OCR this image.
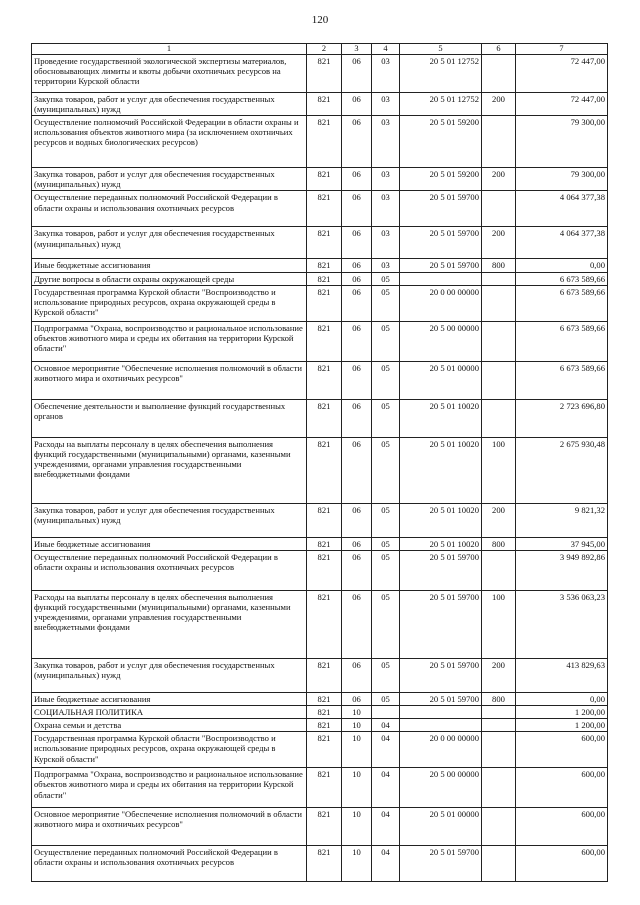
120
1	2	3	4	5	6	7
Проведение государственной экологической экспертизы материалов, обосновывающих лимиты и квоты добычи охотничьих ресурсов на территории Курской области	821	06	03	20 5 01 12752		72 447,00
Закупка товаров, работ и услуг для обеспечения государственных (муниципальных) нужд	821	06	03	20 5 01 12752	200	72 447,00
Осуществление полномочий Российской Федерации в области охраны и использования объектов животного мира (за исключением охотничьих ресурсов и водных биологических ресурсов)	821	06	03	20 5 01 59200		79 300,00
Закупка товаров, работ и услуг для обеспечения государственных (муниципальных) нужд	821	06	03	20 5 01 59200	200	79 300,00
Осуществление переданных полномочий Российской Федерации в области охраны и использования охотничьих ресурсов	821	06	03	20 5 01 59700		4 064 377,38
Закупка товаров, работ и услуг для обеспечения государственных (муниципальных) нужд	821	06	03	20 5 01 59700	200	4 064 377,38
Иные бюджетные ассигнования	821	06	03	20 5 01 59700	800	0,00
Другие вопросы в области охраны окружающей среды	821	06	05			6 673 589,66
Государственная программа Курской области "Воспроизводство и использование природных ресурсов, охрана окружающей среды в Курской области"	821	06	05	20 0 00 00000		6 673 589,66
Подпрограмма "Охрана, воспроизводство и рациональное использование объектов животного мира и среды их обитания на территории Курской области"	821	06	05	20 5 00 00000		6 673 589,66
Основное мероприятие "Обеспечение исполнения полномочий в области животного мира и охотничьих ресурсов"	821	06	05	20 5 01 00000		6 673 589,66
Обеспечение деятельности и выполнение функций государственных органов	821	06	05	20 5 01 10020		2 723 696,80
Расходы на выплаты персоналу в целях обеспечения выполнения функций государственными (муниципальными) органами, казенными учреждениями, органами управления государственными внебюджетными фондами	821	06	05	20 5 01 10020	100	2 675 930,48
Закупка товаров, работ и услуг для обеспечения государственных (муниципальных) нужд	821	06	05	20 5 01 10020	200	9 821,32
Иные бюджетные ассигнования	821	06	05	20 5 01 10020	800	37 945,00
Осуществление переданных полномочий Российской Федерации в области охраны и использования охотничьих ресурсов	821	06	05	20 5 01 59700		3 949 892,86
Расходы на выплаты персоналу в целях обеспечения выполнения функций государственными (муниципальными) органами, казенными учреждениями, органами управления государственными внебюджетными фондами	821	06	05	20 5 01 59700	100	3 536 063,23
Закупка товаров, работ и услуг для обеспечения государственных (муниципальных) нужд	821	06	05	20 5 01 59700	200	413 829,63
Иные бюджетные ассигнования	821	06	05	20 5 01 59700	800	0,00
СОЦИАЛЬНАЯ ПОЛИТИКА	821	10				1 200,00
Охрана семьи и детства	821	10	04			1 200,00
Государственная программа Курской области "Воспроизводство и использование природных ресурсов, охрана окружающей среды в Курской области"	821	10	04	20 0 00 00000		600,00
Подпрограмма "Охрана, воспроизводство и рациональное использование объектов животного мира и среды их обитания на территории Курской области"	821	10	04	20 5 00 00000		600,00
Основное мероприятие "Обеспечение исполнения полномочий в области животного мира и охотничьих ресурсов"	821	10	04	20 5 01 00000		600,00
Осуществление переданных полномочий Российской Федерации в области охраны и использования охотничьих ресурсов	821	10	04	20 5 01 59700		600,00
